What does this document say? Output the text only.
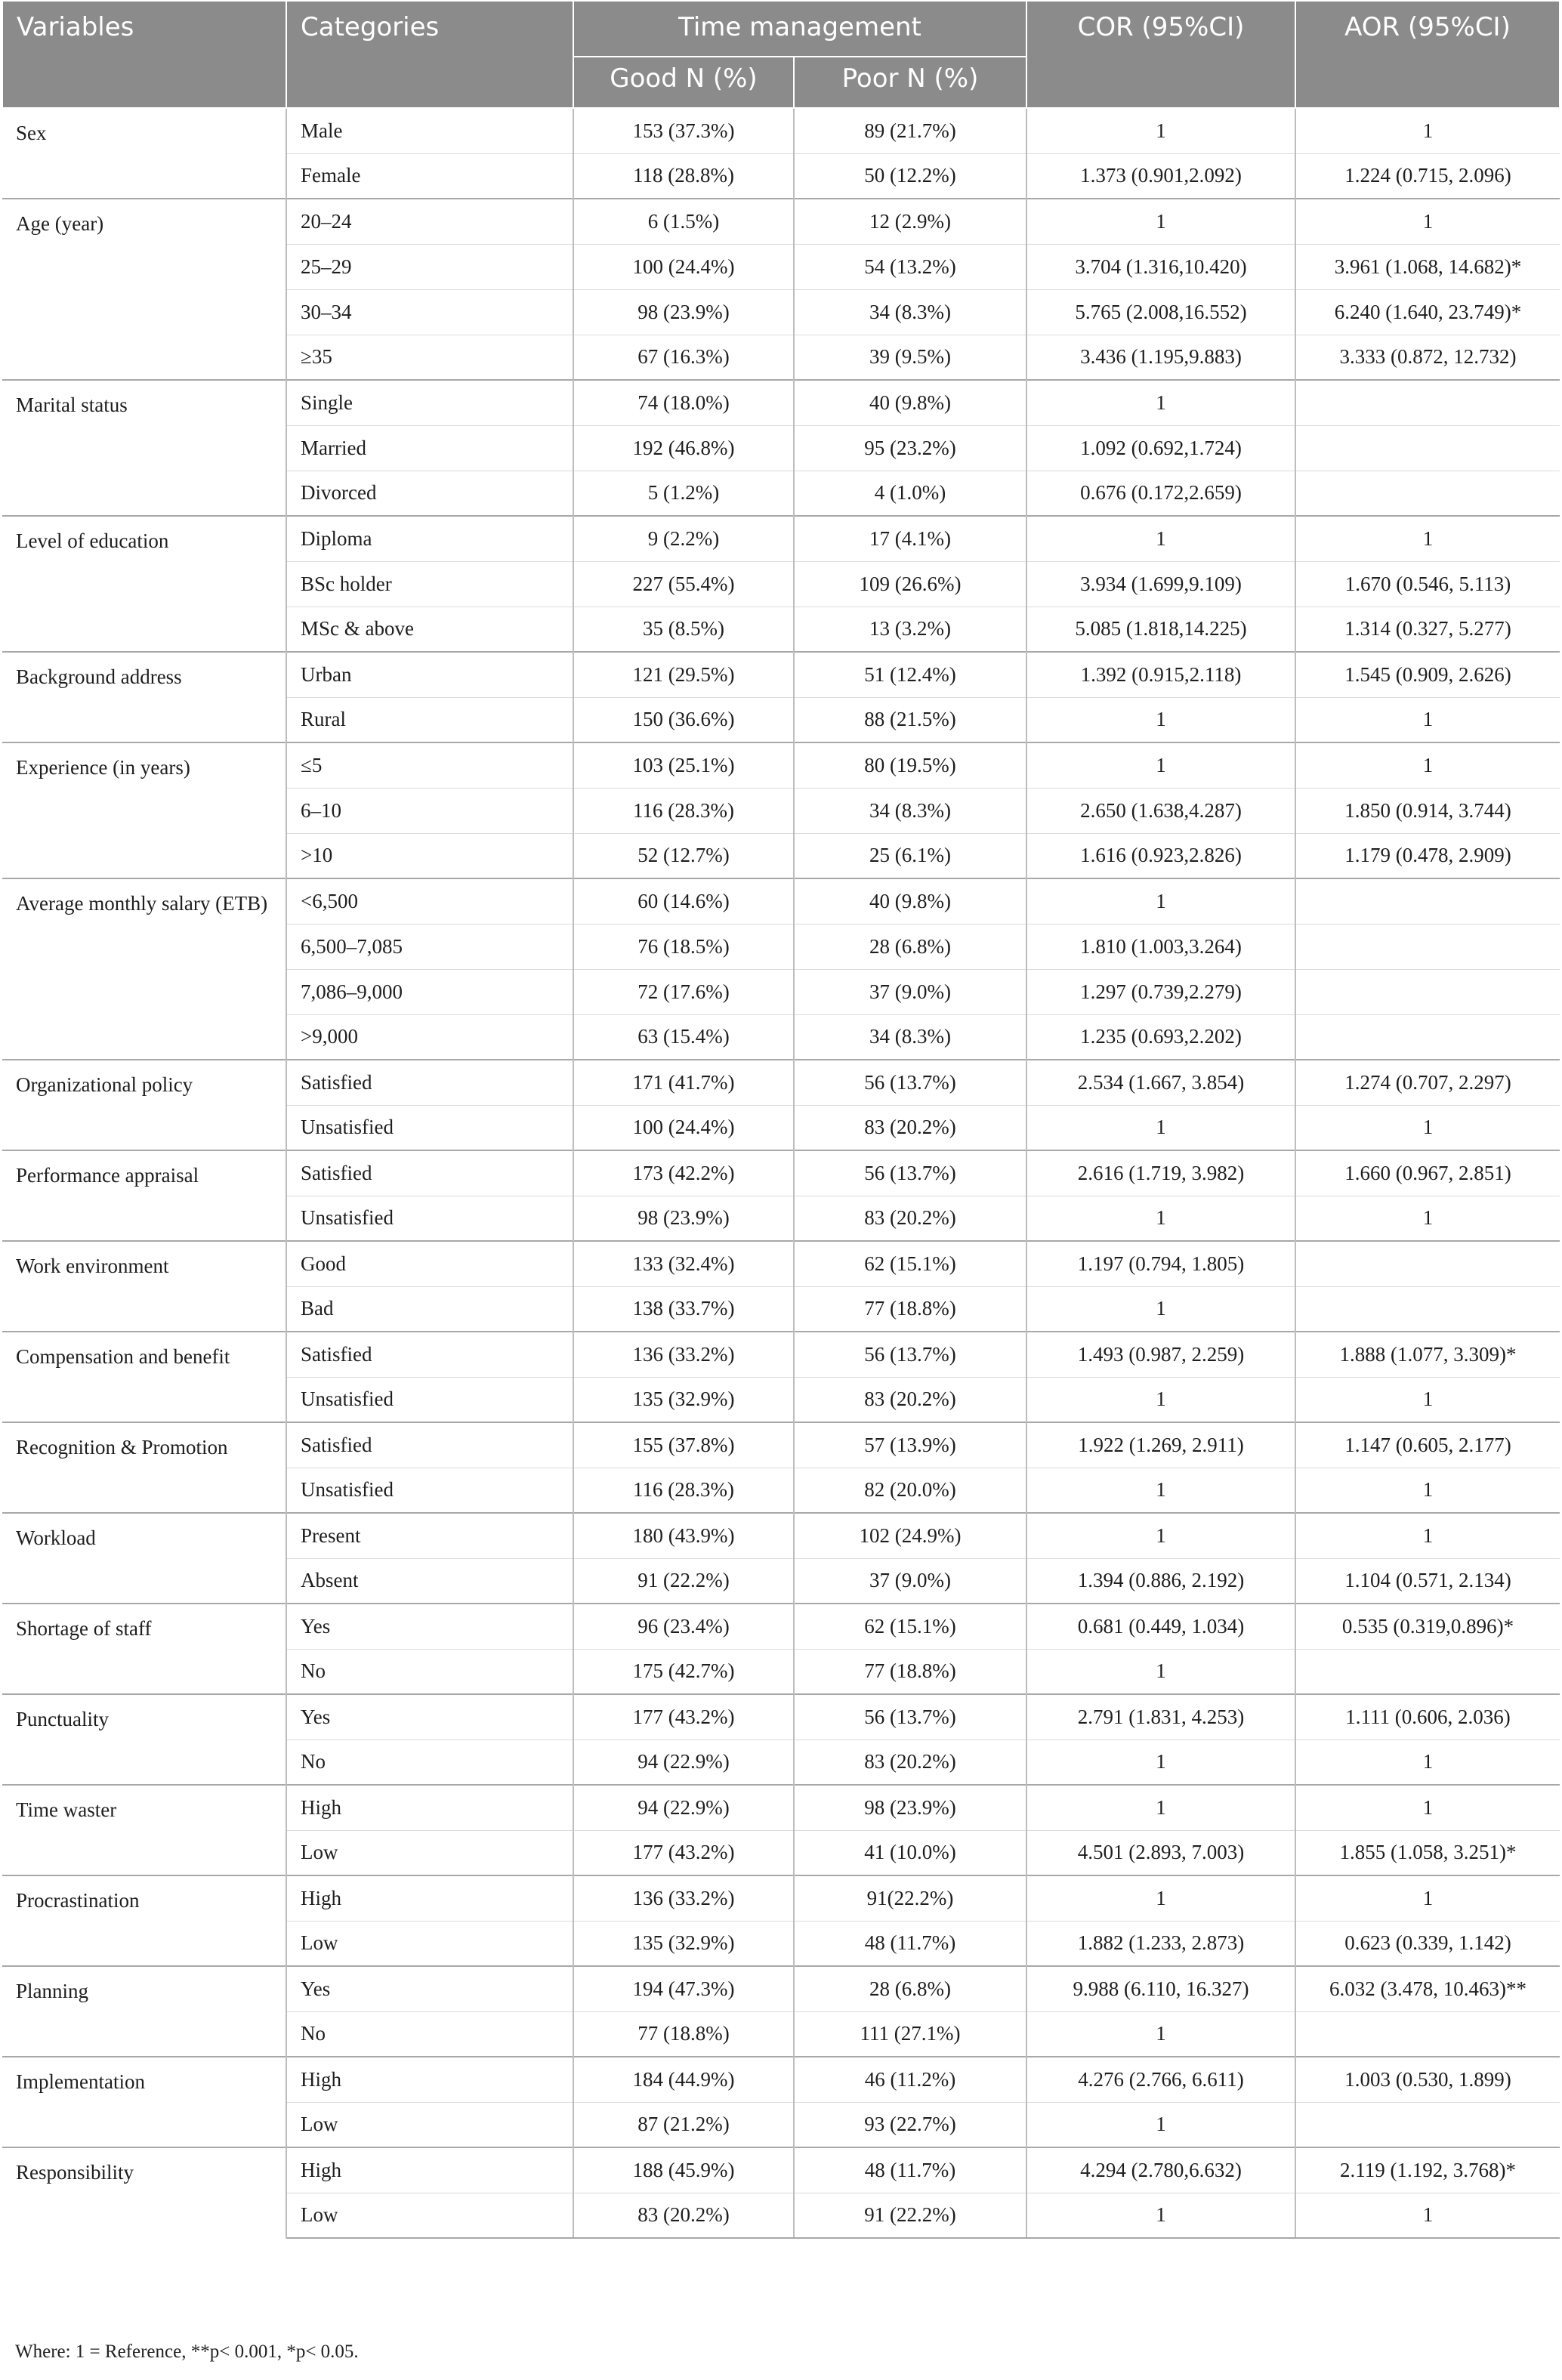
Variables	Categories	Time management		COR (95%CI)	AOR (95%CI)
		Good N (%)	Poor N (%)		
Sex	Male	153 (37.3%)	89 (21.7%)	1	1
	Female	118 (28.8%)	50 (12.2%)	1.373 (0.901,2.092)	1.224 (0.715, 2.096)
Age (year)	20–24	6 (1.5%)	12 (2.9%)	1	1
	25–29	100 (24.4%)	54 (13.2%)	3.704 (1.316,10.420)	3.961 (1.068, 14.682)*
	30–34	98 (23.9%)	34 (8.3%)	5.765 (2.008,16.552)	6.240 (1.640, 23.749)*
	≥35	67 (16.3%)	39 (9.5%)	3.436 (1.195,9.883)	3.333 (0.872, 12.732)
Marital status	Single	74 (18.0%)	40 (9.8%)	1	
	Married	192 (46.8%)	95 (23.2%)	1.092 (0.692,1.724)	
	Divorced	5 (1.2%)	4 (1.0%)	0.676 (0.172,2.659)	
Level of education	Diploma	9 (2.2%)	17 (4.1%)	1	1
	BSc holder	227 (55.4%)	109 (26.6%)	3.934 (1.699,9.109)	1.670 (0.546, 5.113)
	MSc & above	35 (8.5%)	13 (3.2%)	5.085 (1.818,14.225)	1.314 (0.327, 5.277)
Background address	Urban	121 (29.5%)	51 (12.4%)	1.392 (0.915,2.118)	1.545 (0.909, 2.626)
	Rural	150 (36.6%)	88 (21.5%)	1	1
Experience (in years)	≤5	103 (25.1%)	80 (19.5%)	1	1
	6–10	116 (28.3%)	34 (8.3%)	2.650 (1.638,4.287)	1.850 (0.914, 3.744)
	>10	52 (12.7%)	25 (6.1%)	1.616 (0.923,2.826)	1.179 (0.478, 2.909)
Average monthly salary (ETB)	<6,500	60 (14.6%)	40 (9.8%)	1	
	6,500–7,085	76 (18.5%)	28 (6.8%)	1.810 (1.003,3.264)	
	7,086–9,000	72 (17.6%)	37 (9.0%)	1.297 (0.739,2.279)	
	>9,000	63 (15.4%)	34 (8.3%)	1.235 (0.693,2.202)	
Organizational policy	Satisfied	171 (41.7%)	56 (13.7%)	2.534 (1.667, 3.854)	1.274 (0.707, 2.297)
	Unsatisfied	100 (24.4%)	83 (20.2%)	1	1
Performance appraisal	Satisfied	173 (42.2%)	56 (13.7%)	2.616 (1.719, 3.982)	1.660 (0.967, 2.851)
	Unsatisfied	98 (23.9%)	83 (20.2%)	1	1
Work environment	Good	133 (32.4%)	62 (15.1%)	1.197 (0.794, 1.805)	
	Bad	138 (33.7%)	77 (18.8%)	1	
Compensation and benefit	Satisfied	136 (33.2%)	56 (13.7%)	1.493 (0.987, 2.259)	1.888 (1.077, 3.309)*
	Unsatisfied	135 (32.9%)	83 (20.2%)	1	1
Recognition & Promotion	Satisfied	155 (37.8%)	57 (13.9%)	1.922 (1.269, 2.911)	1.147 (0.605, 2.177)
	Unsatisfied	116 (28.3%)	82 (20.0%)	1	1
Workload	Present	180 (43.9%)	102 (24.9%)	1	1
	Absent	91 (22.2%)	37 (9.0%)	1.394 (0.886, 2.192)	1.104 (0.571, 2.134)
Shortage of staff	Yes	96 (23.4%)	62 (15.1%)	0.681 (0.449, 1.034)	0.535 (0.319,0.896)*
	No	175 (42.7%)	77 (18.8%)	1	
Punctuality	Yes	177 (43.2%)	56 (13.7%)	2.791 (1.831, 4.253)	1.111 (0.606, 2.036)
	No	94 (22.9%)	83 (20.2%)	1	1
Time waster	High	94 (22.9%)	98 (23.9%)	1	1
	Low	177 (43.2%)	41 (10.0%)	4.501 (2.893, 7.003)	1.855 (1.058, 3.251)*
Procrastination	High	136 (33.2%)	91(22.2%)	1	1
	Low	135 (32.9%)	48 (11.7%)	1.882 (1.233, 2.873)	0.623 (0.339, 1.142)
Planning	Yes	194 (47.3%)	28 (6.8%)	9.988 (6.110, 16.327)	6.032 (3.478, 10.463)**
	No	77 (18.8%)	111 (27.1%)	1	
Implementation	High	184 (44.9%)	46 (11.2%)	4.276 (2.766, 6.611)	1.003 (0.530, 1.899)
	Low	87 (21.2%)	93 (22.7%)	1	
Responsibility	High	188 (45.9%)	48 (11.7%)	4.294 (2.780,6.632)	2.119 (1.192, 3.768)*
	Low	83 (20.2%)	91 (22.2%)	1	1
Where: 1 = Reference, **p< 0.001, *p< 0.05.
